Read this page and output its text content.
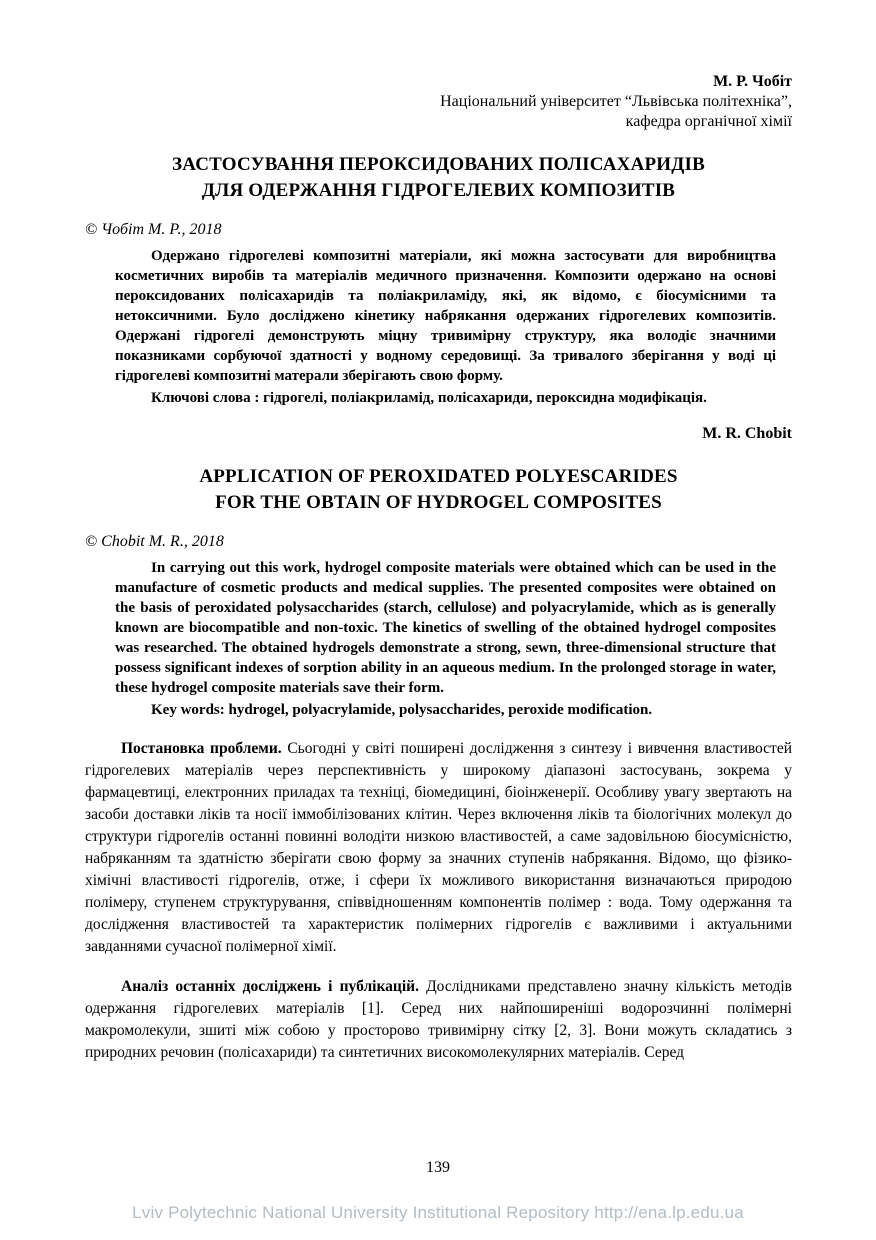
М. Р. Чобіт
Національний університет “Львівська політехніка”,
кафедра органічної хімії
ЗАСТОСУВАННЯ ПЕРОКСИДОВАНИХ ПОЛІСАХАРИДІВ
ДЛЯ ОДЕРЖАННЯ ГІДРОГЕЛЕВИХ КОМПОЗИТІВ
© Чобіт М. Р., 2018

Одержано гідрогелеві композитні матеріали, які можна застосувати для виробництва косметичних виробів та матеріалів медичного призначення. Композити одержано на основі пероксидованих полісахаридів та поліакриламіду, які, як відомо, є біосумісними та нетоксичними. Було досліджено кінетику набрякання одержаних гідрогелевих композитів. Одержані гідрогелі демонструють міцну тривимірну структуру, яка володіє значними показниками сорбуючої здатності у водному середовищі. За тривалого зберігання у воді ці гідрогелеві композитні матерали зберігають свою форму.

Ключові слова : гідрогелі, поліакриламід, полісахариди, пероксидна модифікація.

M. R. Chobit
APPLICATION OF PEROXIDATED POLYESCARIDES
FOR THE OBTAIN OF HYDROGEL COMPOSITES
© Chobit M. R., 2018

In carrying out this work, hydrogel composite materials were obtained which can be used in the manufacture of cosmetic products and medical supplies. The presented composites were obtained on the basis of peroxidated polysaccharides (starch, cellulose) and polyacrylamide, which as is generally known are biocompatible and non-toxic. The kinetics of swelling of the obtained hydrogel composites was researched. The obtained hydrogels demonstrate a strong, sewn, three-dimensional structure that possess significant indexes of sorption ability in an aqueous medium. In the prolonged storage in water, these hydrogel composite materials save their form.

Key words: hydrogel, polyacrylamide, polysaccharides, peroxide modification.

Постановка проблеми. Сьогодні у світі поширені дослідження з синтезу і вивчення властивостей гідрогелевих матеріалів через перспективність у широкому діапазоні застосувань, зокрема у фармацевтиці, електронних приладах та техніці, біомедицині, біоінженерії. Особливу увагу звертають на засоби доставки ліків та носії іммобілізованих клітин. Через включення ліків та біологічних молекул до структури гідрогелів останні повинні володіти низкою властивостей, а саме задовільною біосумісністю, набряканням та здатністю зберігати свою форму за значних ступенів набрякання. Відомо, що фізико-хімічні властивості гідрогелів, отже, і сфери їх можливого використання визначаються природою полімеру, ступенем структурування, співвідношенням компонентів полімер : вода. Тому одержання та дослідження властивостей та характеристик полімерних гідрогелів є важливими і актуальними завданнями сучасної полімерної хімії.

Аналіз останніх досліджень і публікацій. Дослідниками представлено значну кількість методів одержання гідрогелевих матеріалів [1]. Серед них найпоширеніші водорозчинні полімерні макромолекули, зшиті між собою у просторово тривимірну сітку [2, 3]. Вони можуть складатись з природних речовин (полісахариди) та синтетичних високомолекулярних матеріалів. Серед

139
Lviv Polytechnic National University Institutional Repository http://ena.lp.edu.ua
